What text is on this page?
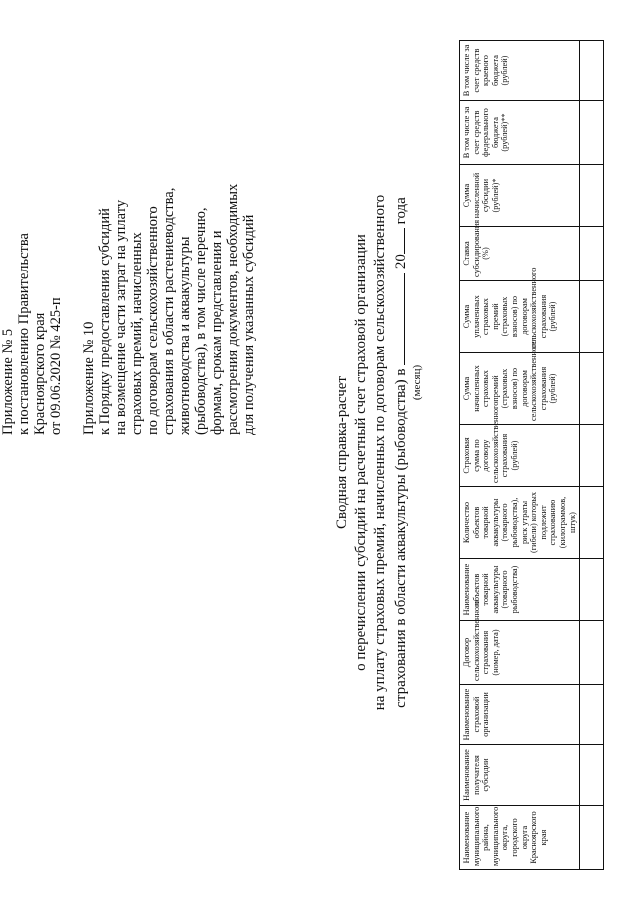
Приложение № 5 к постановлению Правительства Красноярского края от 09.06.2020 № 425-п Приложение № 10 к Порядку предоставления субсидий на возмещение части затрат на уплату страховых премий, начисленных по договорам сельскохозяйственного страхования в области растениеводства, животноводства и аквакультуры (рыбоводства), в том числе перечню, формам, срокам представления и рассмотрения документов, необходимых для получения указанных субсидий
Сводная справка-расчет о перечислении субсидий на расчетный счет страховой организации на уплату страховых премий, начисленных по договорам сельскохозяйственного страхования в области аквакультуры (рыбоводства) в  20 года
(месяц)
Наименование муниципального района, муниципального округа, городского округа Красноярского края	Наименование получателя субсидии	Наименование страховой организации	Договор сельскохозяйственного страхования (номер, дата)	Наименование объектов товарной аквакультуры (товарного рыбоводства)	Количество объектов товарной аквакультуры (товарного рыбоводства), риск утраты (гибели) которых подлежит страхованию (килограммов, штук)	Страховая сумма по договору сельскохозяйственного страхования (рублей)	Сумма начисленных страховых премий (страховых взносов) по договорам сельскохозяйственного страхования (рублей)	Сумма уплаченных страховых премий (страховых взносов) по договорам сельскохозяйственного страхования (рублей)	Ставка субсидирования (%)	Сумма начисленной субсидии (рублей)*	В том числе за счет средств федерального бюджета (рублей)**	В том числе за счет средств краевого бюджета (рублей)
